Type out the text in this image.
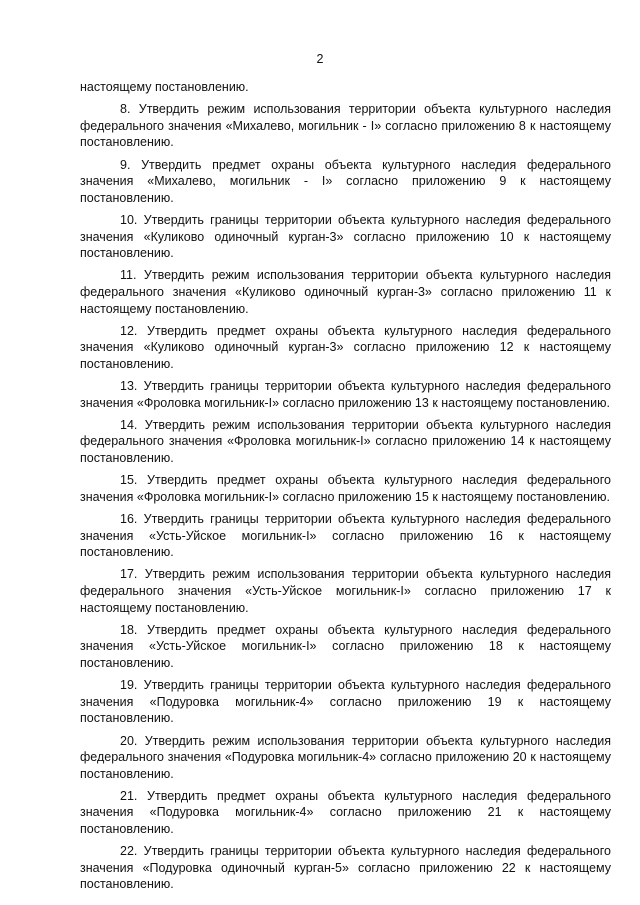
2

настоящему постановлению.

8. Утвердить режим использования территории объекта культурного наследия федерального значения «Михалево, могильник - I» согласно приложению 8 к настоящему постановлению.

9. Утвердить предмет охраны объекта культурного наследия федерального значения «Михалево, могильник - I» согласно приложению 9 к настоящему постановлению.

10. Утвердить границы территории объекта культурного наследия федерального значения «Куликово одиночный курган-3» согласно приложению 10 к настоящему постановлению.

11. Утвердить режим использования территории объекта культурного наследия федерального значения «Куликово одиночный курган-3» согласно приложению 11 к настоящему постановлению.

12. Утвердить предмет охраны объекта культурного наследия федерального значения «Куликово одиночный курган-3» согласно приложению 12 к настоящему постановлению.

13. Утвердить границы территории объекта культурного наследия федерального значения «Фроловка могильник-I» согласно приложению 13 к настоящему постановлению.

14. Утвердить режим использования территории объекта культурного наследия федерального значения «Фроловка могильник-I» согласно приложению 14 к настоящему постановлению.

15. Утвердить предмет охраны объекта культурного наследия федерального значения «Фроловка могильник-I» согласно приложению 15 к настоящему постановлению.

16. Утвердить границы территории объекта культурного наследия федерального значения «Усть-Уйское могильник-I» согласно приложению 16 к настоящему постановлению.

17. Утвердить режим использования территории объекта культурного наследия федерального значения «Усть-Уйское могильник-I» согласно приложению 17 к настоящему постановлению.

18. Утвердить предмет охраны объекта культурного наследия федерального значения «Усть-Уйское могильник-I» согласно приложению 18 к настоящему постановлению.

19. Утвердить границы территории объекта культурного наследия федерального значения «Подуровка могильник-4» согласно приложению 19 к настоящему постановлению.

20. Утвердить режим использования территории объекта культурного наследия федерального значения «Подуровка могильник-4» согласно приложению 20 к настоящему постановлению.

21. Утвердить предмет охраны объекта культурного наследия федерального значения «Подуровка могильник-4» согласно приложению 21 к настоящему постановлению.

22. Утвердить границы территории объекта культурного наследия федерального значения «Подуровка одиночный курган-5» согласно приложению 22 к настоящему постановлению.
